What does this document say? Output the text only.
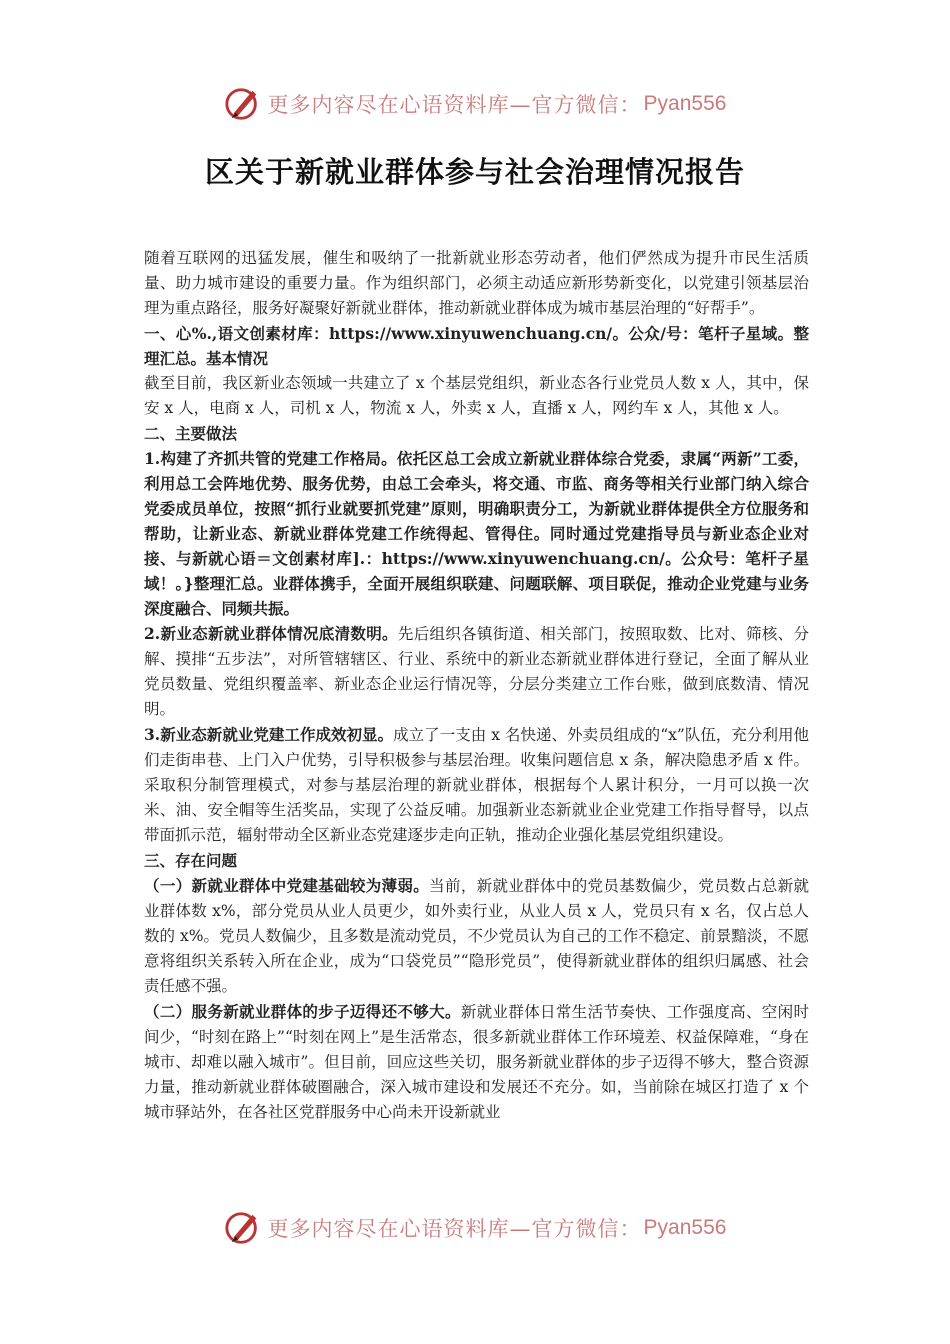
更多内容尽在心语资料库—官方微信： Pyan556
区关于新就业群体参与社会治理情况报告

随着互联网的迅猛发展，催生和吸纳了一批新就业形态劳动者，他们俨然成为提升市民生活质量、助力城市建设的重要力量。作为组织部门，必须主动适应新形势新变化，以党建引领基层治理为重点路径，服务好凝聚好新就业群体，推动新就业群体成为城市基层治理的“好帮手”。

一、心%.,语文创素材库：https://www.xinyuwenchuang.cn/。公众/号：笔杆子星域。整理汇总。基本情况

截至目前，我区新业态领域一共建立了 x 个基层党组织，新业态各行业党员人数 x 人，其中，保安 x 人，电商 x 人，司机 x 人，物流 x 人，外卖 x 人，直播 x 人，网约车 x 人，其他 x 人。

二、主要做法

1.构建了齐抓共管的党建工作格局。依托区总工会成立新就业群体综合党委，隶属“两新”工委，利用总工会阵地优势、服务优势，由总工会牵头，将交通、市监、商务等相关行业部门纳入综合党委成员单位，按照“抓行业就要抓党建”原则，明确职责分工，为新就业群体提供全方位服务和帮助，让新业态、新就业群体党建工作统得起、管得住。同时通过党建指导员与新业态企业对接、与新就心语＝文创素材库].：https://www.xinyuwenchuang.cn/。公众号：笔杆子星域！。}整理汇总。业群体携手，全面开展组织联建、问题联解、项目联促，推动企业党建与业务深度融合、同频共振。

2.新业态新就业群体情况底清数明。先后组织各镇街道、相关部门，按照取数、比对、筛核、分解、摸排“五步法”，对所管辖辖区、行业、系统中的新业态新就业群体进行登记，全面了解从业党员数量、党组织覆盖率、新业态企业运行情况等，分层分类建立工作台账，做到底数清、情况明。

3.新业态新就业党建工作成效初显。成立了一支由 x 名快递、外卖员组成的“x”队伍，充分利用他们走街串巷、上门入户优势，引导积极参与基层治理。收集问题信息 x 条，解决隐患矛盾 x 件。采取积分制管理模式，对参与基层治理的新就业群体，根据每个人累计积分，一月可以换一次米、油、安全帽等生活奖品，实现了公益反哺。加强新业态新就业企业党建工作指导督导，以点带面抓示范，辐射带动全区新业态党建逐步走向正轨，推动企业强化基层党组织建设。

三、存在问题

（一）新就业群体中党建基础较为薄弱。当前，新就业群体中的党员基数偏少，党员数占总新就业群体数 x%，部分党员从业人员更少，如外卖行业，从业人员 x 人，党员只有 x 名，仅占总人数的 x%。党员人数偏少，且多数是流动党员，不少党员认为自己的工作不稳定、前景黯淡，不愿意将组织关系转入所在企业，成为“口袋党员”“隐形党员”，使得新就业群体的组织归属感、社会责任感不强。

（二）服务新就业群体的步子迈得还不够大。新就业群体日常生活节奏快、工作强度高、空闲时间少，“时刻在路上”“时刻在网上”是生活常态，很多新就业群体工作环境差、权益保障难，“身在城市、却难以融入城市”。但目前，回应这些关切，服务新就业群体的步子迈得不够大，整合资源力量，推动新就业群体破圈融合，深入城市建设和发展还不充分。如，当前除在城区打造了 x 个城市驿站外，在各社区党群服务中心尚未开设新就业

更多内容尽在心语资料库—官方微信： Pyan556
